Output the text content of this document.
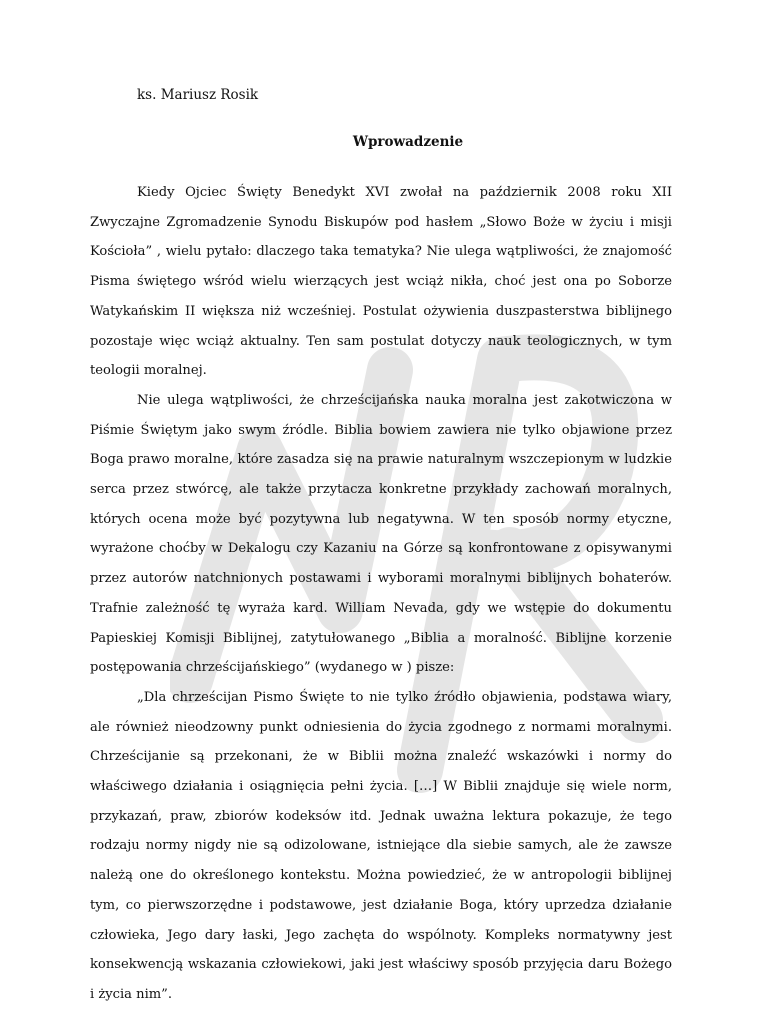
ks. Mariusz Rosik

Wprowadzenie

Kiedy Ojciec Święty Benedykt XVI zwołał na październik 2008 roku XII Zwyczajne Zgromadzenie Synodu Biskupów pod hasłem „Słowo Boże w życiu i misji Kościoła” , wielu pytało: dlaczego taka tematyka? Nie ulega wątpliwości, że znajomość Pisma świętego wśród wielu wierzących jest wciąż nikła, choć jest ona po Soborze Watykańskim II większa niż wcześniej. Postulat ożywienia duszpasterstwa biblijnego pozostaje więc wciąż aktualny. Ten sam postulat dotyczy nauk teologicznych, w tym teologii moralnej.

Nie ulega wątpliwości, że chrześcijańska nauka moralna jest zakotwiczona w Piśmie Świętym jako swym źródle. Biblia bowiem zawiera nie tylko objawione przez Boga prawo moralne, które zasadza się na prawie naturalnym wszczepionym w ludzkie serca przez stwórcę, ale także przytacza konkretne przykłady zachowań moralnych, których ocena może być pozytywna lub negatywna. W ten sposób normy etyczne, wyrażone choćby w Dekalogu czy Kazaniu na Górze są konfrontowane z opisywanymi przez autorów natchnionych postawami i wyborami moralnymi biblijnych bohaterów. Trafnie zależność tę wyraża kard. William Nevada, gdy we wstępie do dokumentu Papieskiej Komisji Biblijnej, zatytułowanego „Biblia a moralność. Biblijne korzenie postępowania chrześcijańskiego” (wydanego w ) pisze:

„Dla chrześcijan Pismo Święte to nie tylko źródło objawienia, podstawa wiary, ale również nieodzowny punkt odniesienia do życia zgodnego z normami moralnymi. Chrześcijanie są przekonani, że w Biblii można znaleźć wskazówki i normy do właściwego działania i osiągnięcia pełni życia. […] W Biblii znajduje się wiele norm, przykazań, praw, zbiorów kodeksów itd. Jednak uważna lektura pokazuje, że tego rodzaju normy nigdy nie są odizolowane, istniejące dla siebie samych, ale że zawsze należą one do określonego kontekstu. Można powiedzieć, że w antropologii biblijnej tym, co pierwszorzędne i podstawowe, jest działanie Boga, który uprzedza działanie człowieka, Jego dary łaski, Jego zachęta do wspólnoty. Kompleks normatywny jest konsekwencją wskazania człowiekowi, jaki jest właściwy sposób przyjęcia daru Bożego i życia nim”.
